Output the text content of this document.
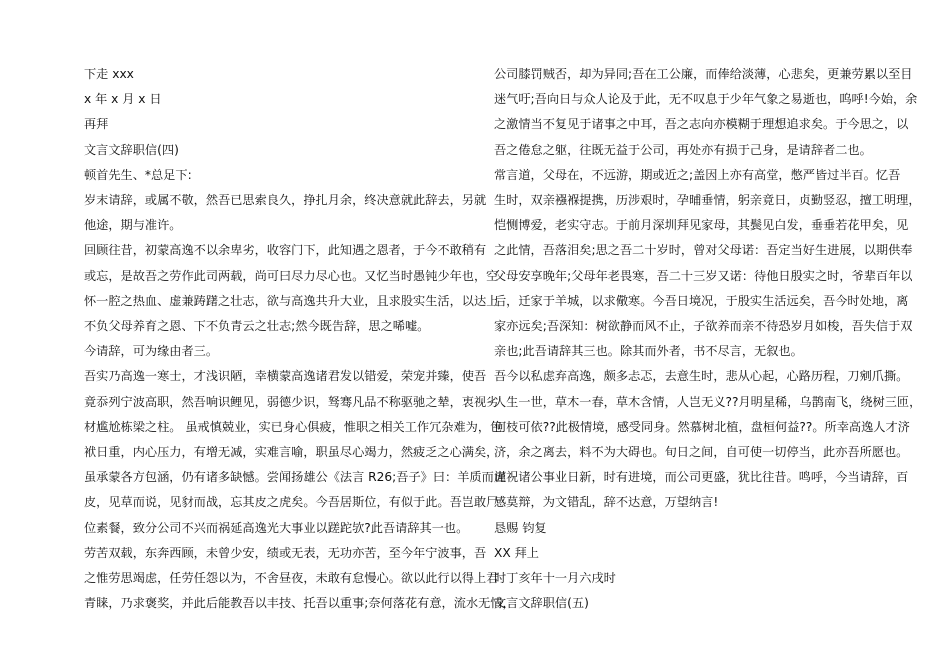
下走 xxx
x 年 x 月 x 日
再拜
文言文辞职信(四)
顿首先生、*总足下:
岁末请辞，或属不敬，然吾已思索良久，挣扎月余，终决意就此辞去，另就
他途，期与准许。
回顾往昔，初蒙高逸不以余卑劣，收容门下，此知遇之恩者，于今不敢稍有
或忘，是故吾之劳作此司两载，尚可曰尽力尽心也。又忆当时愚钝少年也，空
怀一腔之热血、虚兼踌躇之壮志，欲与高逸共升大业，且求股实生活，以达上
不负父母养育之恩、下不负青云之壮志;然今既告辞，思之唏嘘。
今请辞，可为缘由者三。
吾实乃高逸一寒士，才浅识陋，幸横蒙高逸诸君发以错爱，荣宠并臻，使吾
竟忝列宁波高职，然吾响识鲤见，弱德少识，驽骞凡品不称驱驰之辇，衷视劣
材尴尬栋梁之柱。 虽戒慎兢业，实已身心俱疲，惟职之相关工作冗杂难为，包
袱日重，内心压力，有增无减，实难言喻，职虽尽心竭力，然疲乏之心满矣，
虽承蒙各方包涵，仍有诸多缺憾。尝闻扬雄公《法言 R26;吾子》曰：羊质而虎
皮，见草而说，见豺而战，忘其皮之虎矣。今吾居斯位，有似于此。吾岂敢尸
位素餐，致分公司不兴而祸延高逸光大事业以蹉跎欤?此吾请辞其一也。
劳苦双载，东奔西顾，未曾少安，绩或无表，无功亦苦，至今年宁波事，吾
之惟劳思竭虑，任劳任怨以为，不舍昼夜，未敢有怠慢心。欲以此行以得上君
青睐，乃求褒奖，并此后能教吾以丰技、托吾以重事;奈何落花有意，流水无情，
公司膝罚贼否，却为异同;吾在工公廉，而俸给淡薄，心悲矣，更兼劳累以至目
迷气吁;吾向日与众人论及于此，无不叹息于少年气象之易逝也，呜呼!今始，余
之激情当不复见于诸事之中耳，吾之志向亦模糊于理想追求矣。于今思之，以
吾之倦怠之躯，往既无益于公司，再处亦有损于己身，是请辞者二也。
常言道，父母在，不远游，期或近之;盖因上亦有高堂，憋严皆过半百。忆吾
生时，双亲襁褓提携，历涉艰时，孕晡垂情，躬亲竟日，贞勤竖忍，擅工明理，
恺恻博爱，老实守志。于前月深圳拜见家母，其鬓见白发，垂垂若花甲矣，见
之此情，吾落泪矣;思之吾二十岁时，曾对父母诺：吾定当好生进展，以期供奉
父母安享晚年;父母年老畏寒，吾二十三岁又诺：待他日殷实之时，爷辈百年以
后，迁家于羊城，以求儆寒。今吾日境况，于殷实生活远矣，吾今时处地，离
家亦远矣;吾深知：树欲静而风不止，子欲养而亲不待恐岁月如梭，吾失信于双
亲也;此吾请辞其三也。除其而外者，书不尽言，无叙也。
吾今以私虑弃高逸，颇多忐忑，去意生时，悲从心起，心路历程，刀剜爪撕。
人生一世，草木一春，草木含情，人岂无义??月明星稀，乌鹊南飞，绕树三匝，
何枝可依??此极情境，感受同身。然慕树北植，盘桓何益??。所幸高逸人才济
济，余之离去，料不为大碍也。旬日之间，自可使一切停当，此亦吾所愿也。
谨祝诸公事业日新，时有进境，而公司更盛，犹比往昔。鸣呼，今当请辞，百
感莫辩，为文错乱，辞不达意，万望纳言!
恳赐 钧复
XX 拜上
时丁亥年十一月六戌时
文言文辞职信(五)
